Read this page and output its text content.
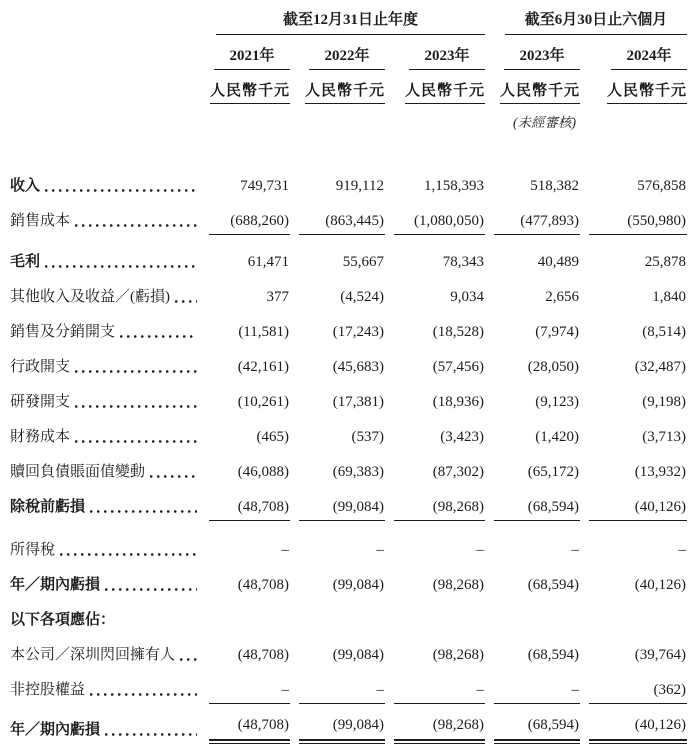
	截至12月31日止年度			截至6月30日止六個月	

	2021年	2022年	2023年	2023年	2024年
	人民幣千元	人民幣千元	人民幣千元	人民幣千元	人民幣千元
				(未經審核)	

收入	749,731	919,112	1,158,393	518,382	576,858

銷售成本	(688,260)	(863,445)	(1,080,050)	(477,893)	(550,980)

毛利	61,471	55,667	78,343	40,489	25,878

其他收入及收益／(虧損)	377	(4,524)	9,034	2,656	1,840

銷售及分銷開支	(11,581)	(17,243)	(18,528)	(7,974)	(8,514)

行政開支	(42,161)	(45,683)	(57,456)	(28,050)	(32,487)

研發開支	(10,261)	(17,381)	(18,936)	(9,123)	(9,198)

財務成本	(465)	(537)	(3,423)	(1,420)	(3,713)

贖回負債賬面值變動	(46,088)	(69,383)	(87,302)	(65,172)	(13,932)

除稅前虧損	(48,708)	(99,084)	(98,268)	(68,594)	(40,126)

所得稅	–	–	–	–	–

年／期內虧損	(48,708)	(99,084)	(98,268)	(68,594)	(40,126)

以下各項應佔：					

本公司／深圳閃回擁有人	(48,708)	(99,084)	(98,268)	(68,594)	(39,764)

非控股權益	–	–	–	–	(362)

年／期內虧損	(48,708)	(99,084)	(98,268)	(68,594)	(40,126)
